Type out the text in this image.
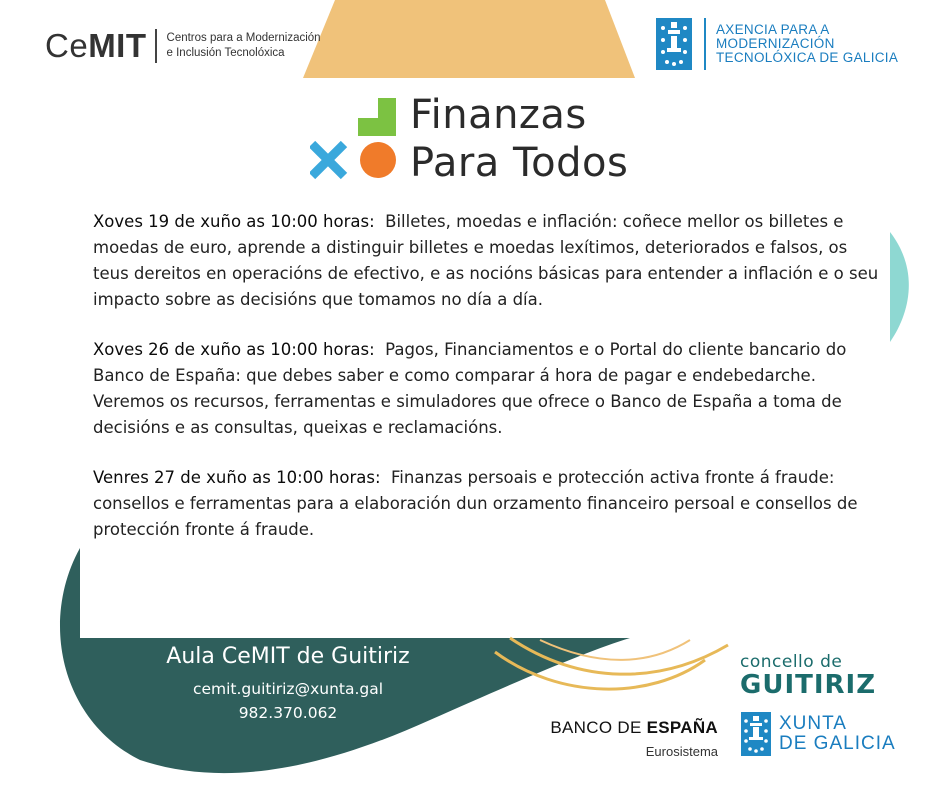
CeMIT Centros para a Modernización
e Inclusión Tecnolóxica
AXENCIA PARA A
MODERNIZACIÓN
TECNOLÓXICA DE GALICIA
Finanzas
Para Todos

Xoves 19 de xuño as 10:00 horas: Billetes, moedas e inflación: coñece mellor os billetes e moedas de euro, aprende a distinguir billetes e moedas lexítimos, deteriorados e falsos, os teus dereitos en operacións de efectivo, e as nocións básicas para entender a inflación e o seu impacto sobre as decisións que tomamos no día a día.

Xoves 26 de xuño as 10:00 horas: Pagos, Financiamentos e o Portal do cliente bancario do Banco de España: que debes saber e como comparar á hora de pagar e endebedarche. Veremos os recursos, ferramentas e simuladores que ofrece o Banco de España a toma de decisións e as consultas, queixas e reclamacións.

Venres 27 de xuño as 10:00 horas: Finanzas persoais e protección activa fronte á fraude: consellos e ferramentas para a elaboración dun orzamento financeiro persoal e consellos de protección fronte á fraude.

Aula CeMIT de Guitiriz
cemit.guitiriz@xunta.gal
982.370.062
concello de
GUITIRIZ
BANCO DE ESPAÑA
Eurosistema
XUNTA
DE GALICIA
